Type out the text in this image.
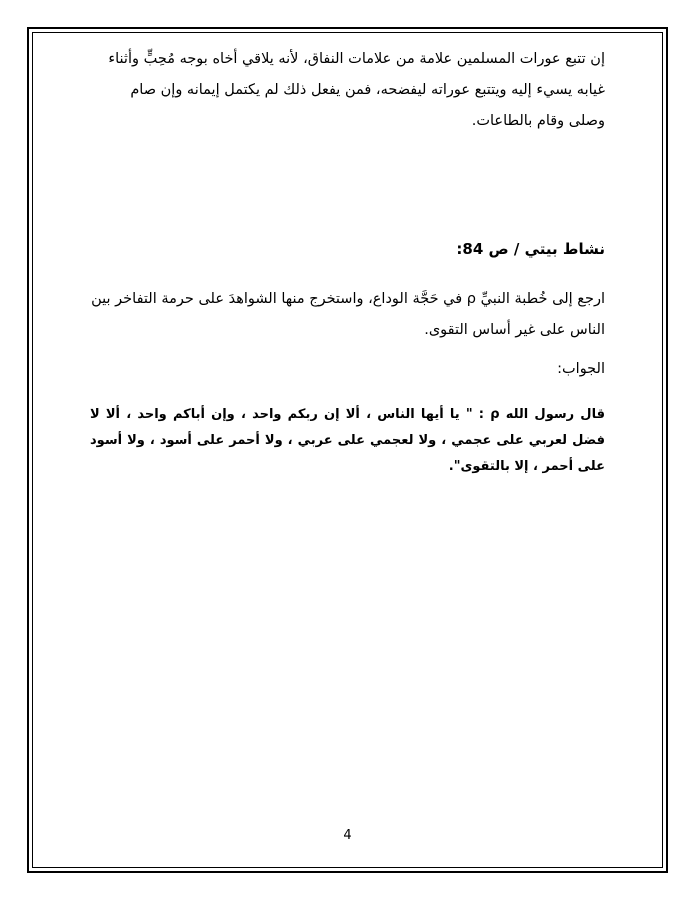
إن تتبع عورات المسلمين علامة من علامات النفاق، لأنه يلاقي أخاه بوجه مُحِبٍّ وأثناء غيابه يسيء إليه ويتتبع عوراته ليفضحه، فمن يفعل ذلك لم يكتمل إيمانه وإن صام وصلى وقام بالطاعات.

نشاط بيتي / ص 84:

ارجع إلى خُطبة النبيِّ ρ في حَجَّة الوداع، واستخرج منها الشواهدَ على حرمة التفاخر بين الناس على غير أساس التقوى.

الجواب:

قال رسول الله ρ : " يا أيها الناس ، ألا إن ربكم واحد ، وإن أباكم واحد ، ألا لا فضل لعربي على عجمي ، ولا لعجمي على عربي ، ولا أحمر على أسود ، ولا أسود على أحمر ، إلا بالتقوى".

4
